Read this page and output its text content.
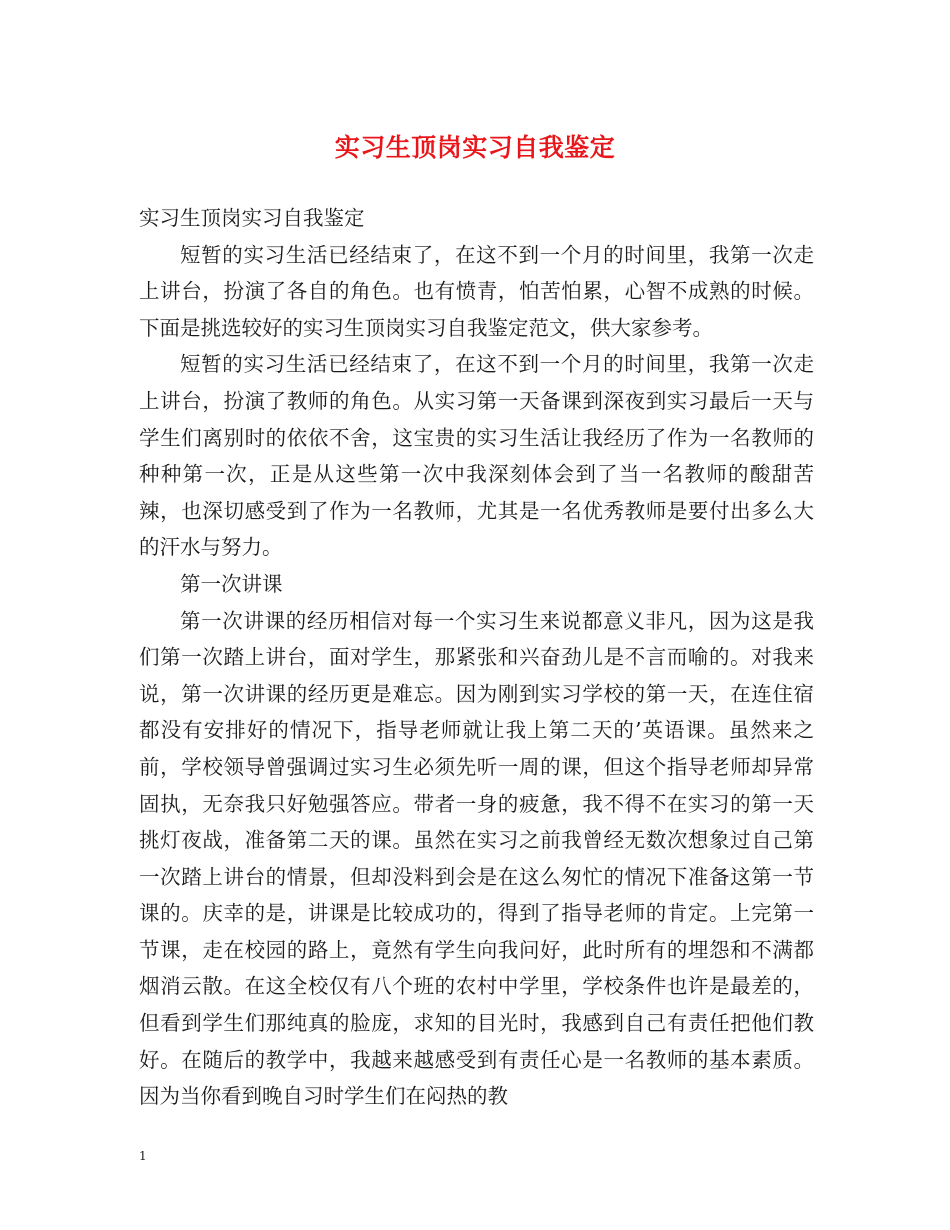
实习生顶岗实习自我鉴定

实习生顶岗实习自我鉴定

短暂的实习生活已经结束了，在这不到一个月的时间里，我第一次走上讲台，扮演了各自的角色。也有愤青，怕苦怕累，心智不成熟的时候。下面是挑选较好的实习生顶岗实习自我鉴定范文，供大家参考。

短暂的实习生活已经结束了，在这不到一个月的时间里，我第一次走上讲台，扮演了教师的角色。从实习第一天备课到深夜到实习最后一天与学生们离别时的依依不舍，这宝贵的实习生活让我经历了作为一名教师的种种第一次，正是从这些第一次中我深刻体会到了当一名教师的酸甜苦辣，也深切感受到了作为一名教师，尤其是一名优秀教师是要付出多么大的汗水与努力。

第一次讲课

第一次讲课的经历相信对每一个实习生来说都意义非凡，因为这是我们第一次踏上讲台，面对学生，那紧张和兴奋劲儿是不言而喻的。对我来说，第一次讲课的经历更是难忘。因为刚到实习学校的第一天，在连住宿都没有安排好的情况下，指导老师就让我上第二天的’英语课。虽然来之前，学校领导曾强调过实习生必须先听一周的课，但这个指导老师却异常固执，无奈我只好勉强答应。带者一身的疲惫，我不得不在实习的第一天挑灯夜战，准备第二天的课。虽然在实习之前我曾经无数次想象过自己第一次踏上讲台的情景，但却没料到会是在这么匆忙的情况下准备这第一节课的。庆幸的是，讲课是比较成功的，得到了指导老师的肯定。上完第一节课，走在校园的路上，竟然有学生向我问好，此时所有的埋怨和不满都烟消云散。在这全校仅有八个班的农村中学里，学校条件也许是最差的，但看到学生们那纯真的脸庞，求知的目光时，我感到自己有责任把他们教好。在随后的教学中，我越来越感受到有责任心是一名教师的基本素质。因为当你看到晚自习时学生们在闷热的教

1
